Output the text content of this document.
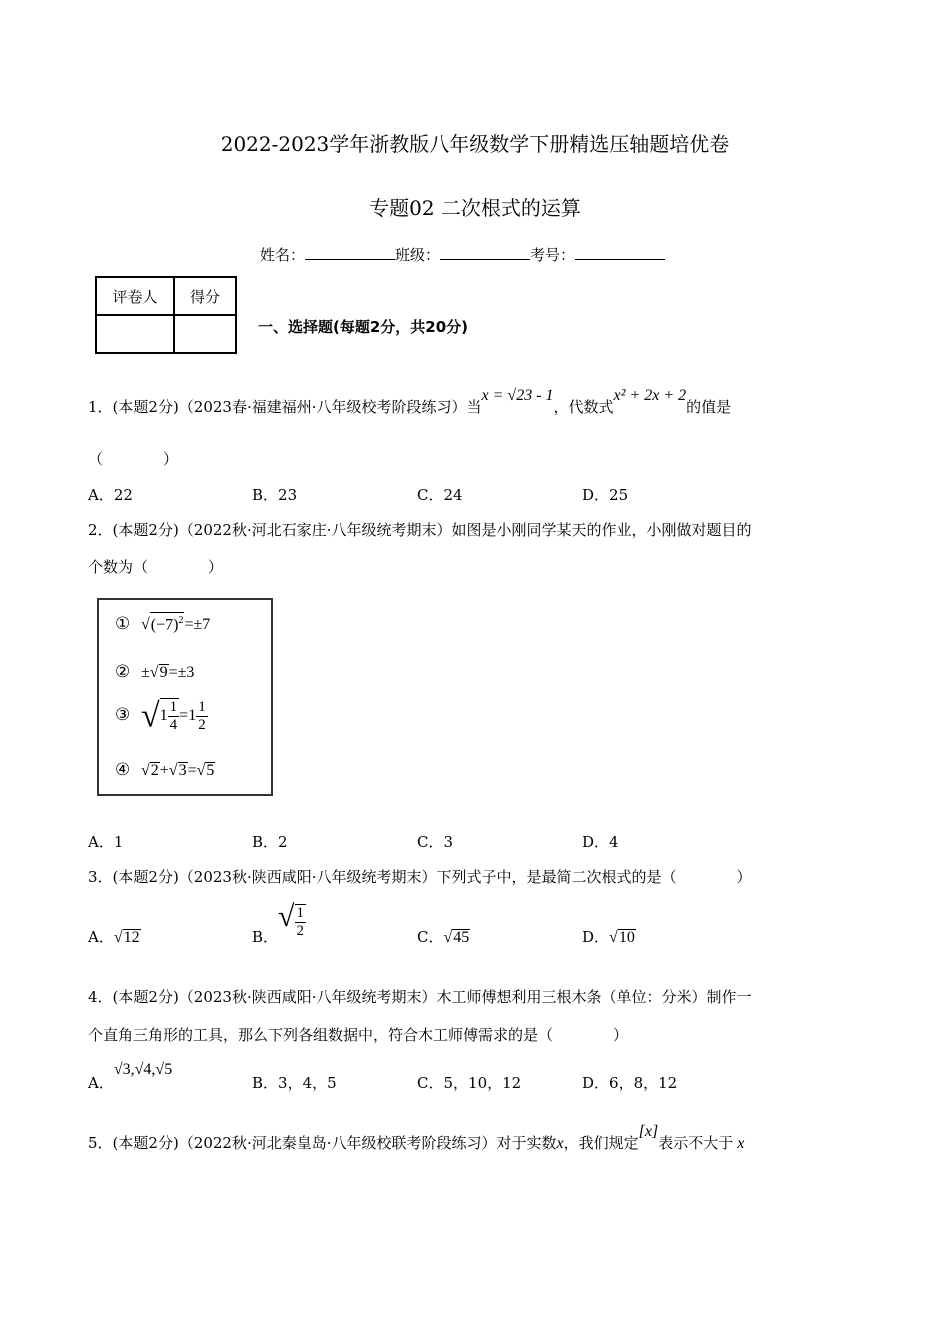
2022-2023学年浙教版八年级数学下册精选压轴题培优卷
专题02 二次根式的运算
姓名：	班级：	考号：
评卷人	得分

一、选择题(每题2分，共20分)
1．(本题2分)（2023春·福建福州·八年级校考阶段练习）当x = √23 - 1，代数式x² + 2x + 2的值是
（　　　　）
A．22	B．23	C．24	D．25
2．(本题2分)（2022秋·河北石家庄·八年级统考期末）如图是小刚同学某天的作业，小刚做对题目的
个数为（　　　　）
① $√(-7)^2=\pm 7$
② ±√9=±3
③ $√1 \frac{1}{4} =1 \frac{1}{2}$
④ √2+√3=√5
A．1	B．2	C．3	D．4
3．(本题2分)（2023秋·陕西咸阳·八年级统考期末）下列式子中，是最简二次根式的是（　　　　）
A．√12	B．√ $\frac{1}{2}$	C．√45	D．√10
4．(本题2分)（2023秋·陕西咸阳·八年级统考期末）木工师傅想利用三根木条（单位：分米）制作一
个直角三角形的工具，那么下列各组数据中，符合木工师傅需求的是（　　　　）
A．√3,√4,√5
B．3，4，5	C．5，10，12	D．6，8，12
5．(本题2分)（2022秋·河北秦皇岛·八年级校联考阶段练习）对于实数x，我们规定[x]表示不大于 x
